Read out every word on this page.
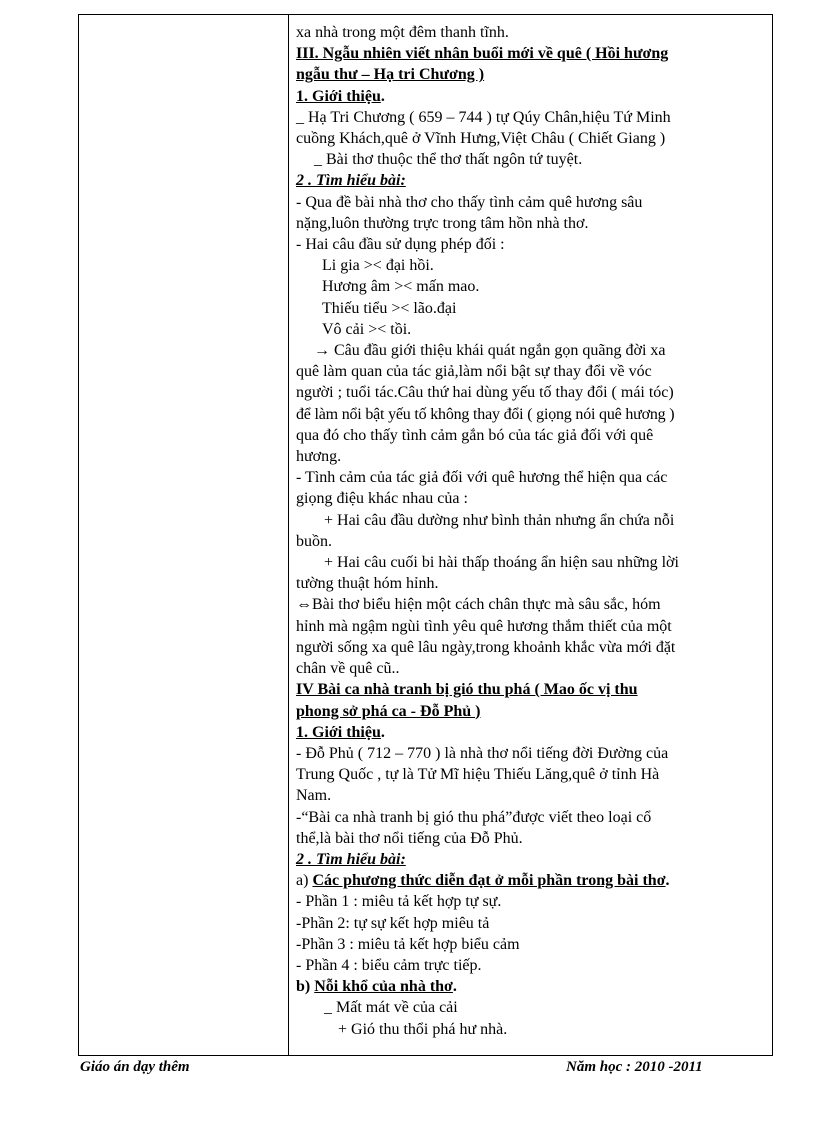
xa nhà trong một đêm thanh tĩnh.

III. Ngẫu nhiên viết nhân buổi mới về quê ( Hồi hương

ngẫu thư – Hạ tri Chương )

1. Giới thiệu.

_ Hạ Tri Chương ( 659 – 744 ) tự Qúy Chân,hiệu Tứ Minh

cuồng Khách,quê ở Vĩnh Hưng,Việt Châu ( Chiết Giang )

_ Bài thơ thuộc thể thơ thất ngôn tứ tuyệt.

2 . Tìm hiểu bài:

- Qua đề bài nhà thơ cho thấy tình cảm quê hương sâu

nặng,luôn thường trực trong tâm hồn nhà thơ.

- Hai câu đầu sử dụng phép đối :

Li gia >< đại hồi.

Hương âm >< mấn mao.

Thiếu tiểu >< lão.đại

Vô cải >< tồi.

→ Câu đầu giới thiệu khái quát ngắn gọn quãng đời xa

quê làm quan của tác giả,làm nổi bật sự thay đổi về vóc

người ; tuổi tác.Câu thứ hai dùng yếu tố thay đổi ( mái tóc)

để làm nổi bật yếu tố không thay đổi ( giọng nói quê hương )

qua đó cho thấy tình cảm gắn bó của tác giả đối với quê

hương.

- Tình cảm của tác giả đối với quê hương thể hiện qua các

giọng điệu khác nhau của :

+ Hai câu đầu dường như bình thản nhưng ẩn chứa nỗi

buồn.

+ Hai câu cuối bi hài thấp thoáng ẩn hiện sau những lời

tường thuật hóm hỉnh.

⇔Bài thơ biểu hiện một cách chân thực mà sâu sắc, hóm

hỉnh mà ngậm ngùi tình yêu quê hương thắm thiết của một

người sống xa quê lâu ngày,trong khoảnh khắc vừa mới đặt

chân về quê cũ..

IV Bài ca nhà tranh bị gió thu phá ( Mao ốc vị thu

phong sở phá ca - Đỗ Phủ )

1. Giới thiệu.

- Đỗ Phủ ( 712 – 770 ) là nhà thơ nổi tiếng đời Đường của

Trung Quốc , tự là Tử Mĩ hiệu Thiếu Lăng,quê ở tỉnh Hà

Nam.

-“Bài ca nhà tranh bị gió thu phá”được viết theo loại cổ

thể,là bài thơ nổi tiếng của Đỗ Phủ.

2 . Tìm hiểu bài:

a) Các phương thức diễn đạt ở mỗi phần trong bài thơ.

- Phần 1 : miêu tả kết hợp tự sự.

-Phần 2: tự sự kết hợp miêu tả

-Phần 3 : miêu tả kết hợp biểu cảm

- Phần 4 : biểu cảm trực tiếp.

b) Nỗi khổ của nhà thơ.

_ Mất mát về của cải

+ Gió thu thổi phá hư nhà.

Giáo án dạy thêm	Năm học : 2010 -2011
